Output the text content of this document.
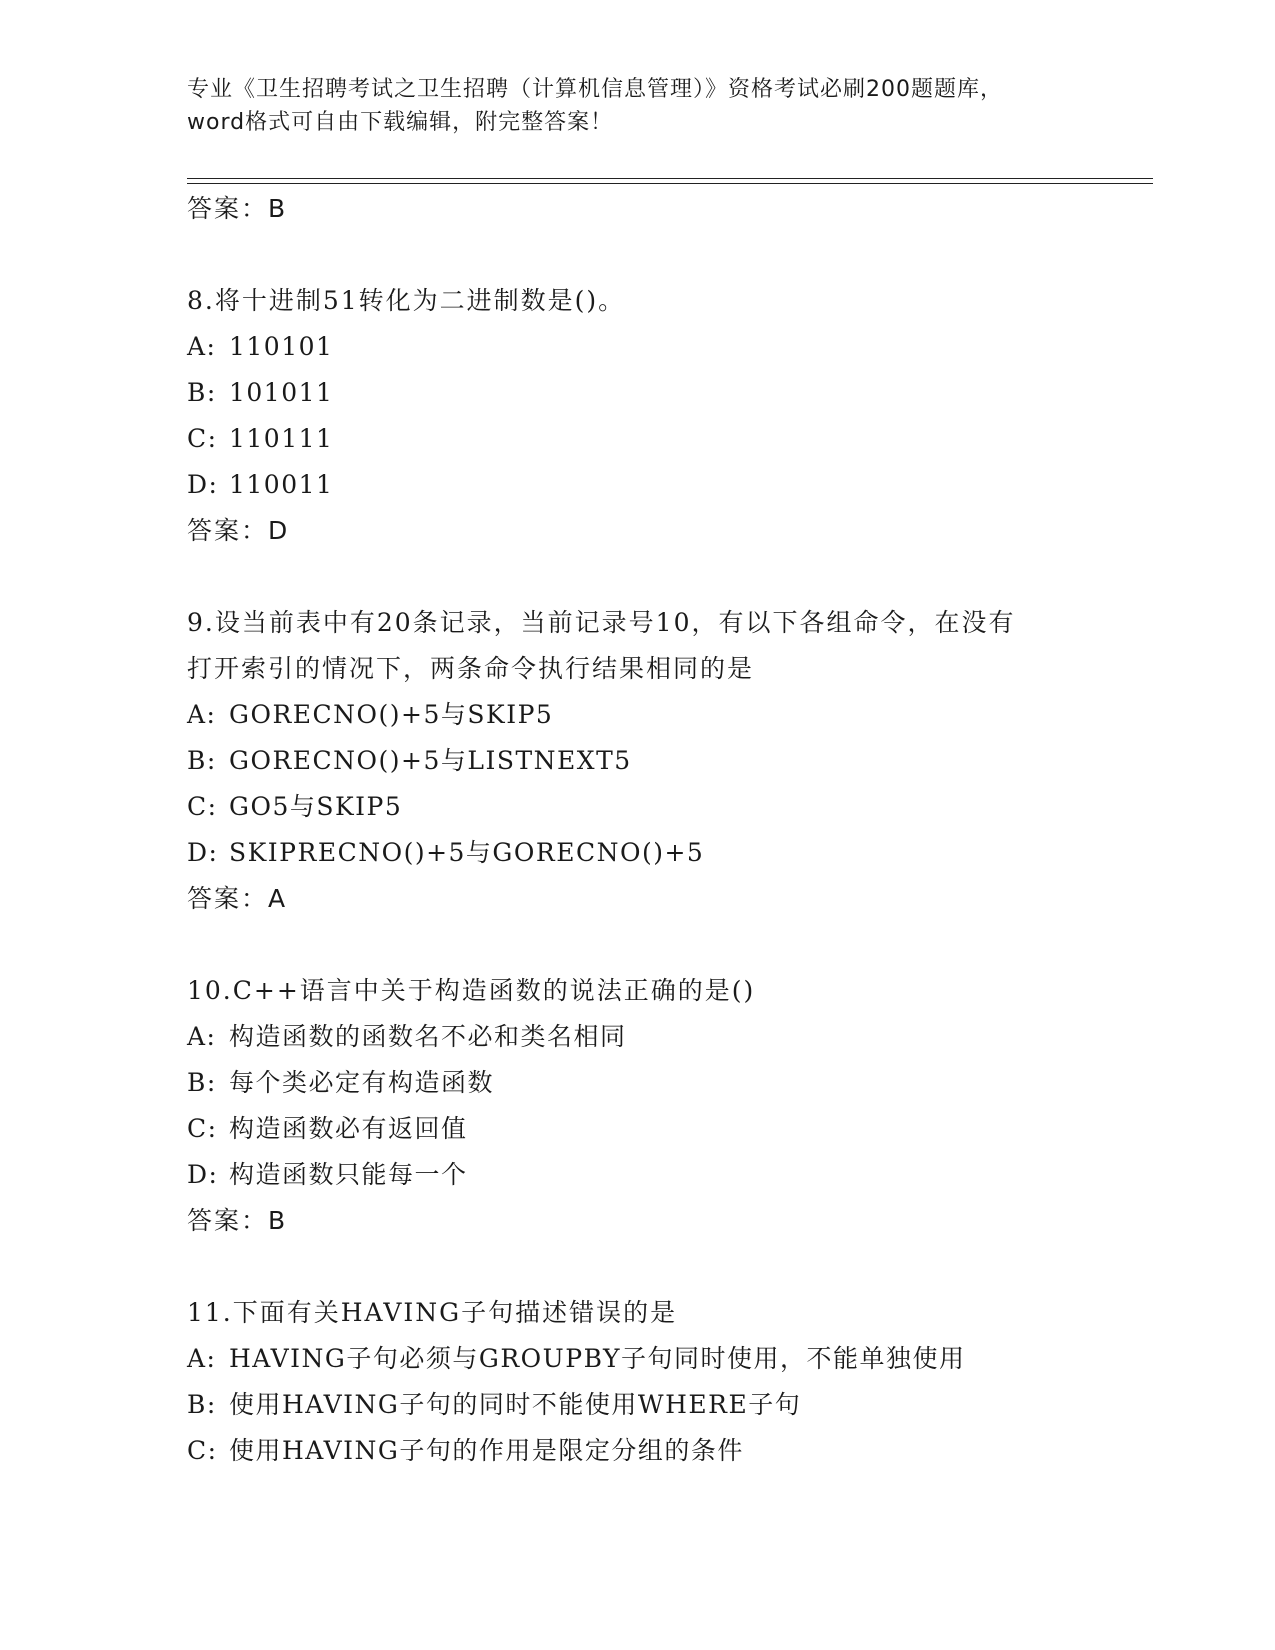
专业《卫生招聘考试之卫生招聘（计算机信息管理）》资格考试必刷200题题库，
word格式可自由下载编辑，附完整答案！
答案：B
8.将十进制51转化为二进制数是()。
A: 110101
B: 101011
C: 110111
D: 110011
答案：D
9.设当前表中有20条记录，当前记录号10，有以下各组命令，在没有
打开索引的情况下，两条命令执行结果相同的是
A: GORECNO()+5与SKIP5
B: GORECNO()+5与LISTNEXT5
C: GO5与SKIP5
D: SKIPRECNO()+5与GORECNO()+5
答案：A
10.C++语言中关于构造函数的说法正确的是()
A: 构造函数的函数名不必和类名相同
B: 每个类必定有构造函数
C: 构造函数必有返回值
D: 构造函数只能每一个
答案：B
11.下面有关HAVING子句描述错误的是
A: HAVING子句必须与GROUPBY子句同时使用，不能单独使用
B: 使用HAVING子句的同时不能使用WHERE子句
C: 使用HAVING子句的作用是限定分组的条件
